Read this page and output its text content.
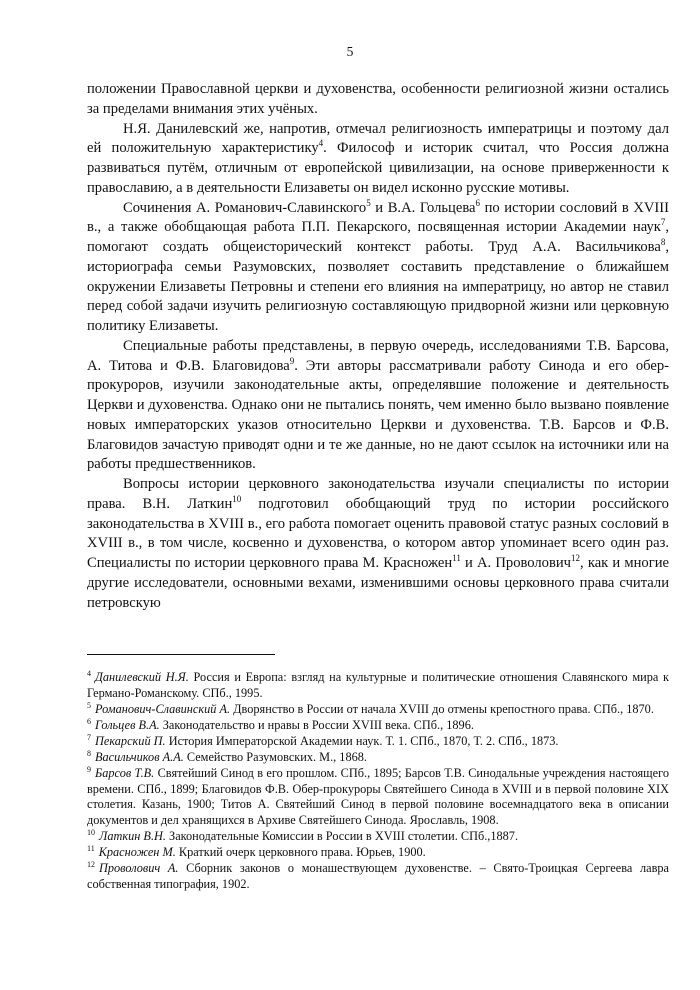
5

положении Православной церкви и духовенства, особенности религиозной жизни остались за пределами внимания этих учёных.

Н.Я. Данилевский же, напротив, отмечал религиозность императрицы и поэтому дал ей положительную характеристику$^4$. Философ и историк считал, что Россия должна развиваться путём, отличным от европейской цивилизации, на основе приверженности к православию, а в деятельности Елизаветы он видел исконно русские мотивы.

Сочинения А. Романович-Славинского$^5$ и В.А. Гольцева$^6$ по истории сословий в XVIII в., а также обобщающая работа П.П. Пекарского, посвященная истории Академии наук$^7$, помогают создать общеисторический контекст работы. Труд А.А. Васильчикова$^8$, историографа семьи Разумовских, позволяет составить представление о ближайшем окружении Елизаветы Петровны и степени его влияния на императрицу, но автор не ставил перед собой задачи изучить религиозную составляющую придворной жизни или церковную политику Елизаветы.

Специальные работы представлены, в первую очередь, исследованиями Т.В. Барсова, А. Титова и Ф.В. Благовидова$^9$. Эти авторы рассматривали работу Синода и его обер-прокуроров, изучили законодательные акты, определявшие положение и деятельность Церкви и духовенства. Однако они не пытались понять, чем именно было вызвано появление новых императорских указов относительно Церкви и духовенства. Т.В. Барсов и Ф.В. Благовидов зачастую приводят одни и те же данные, но не дают ссылок на источники или на работы предшественников.

Вопросы истории церковного законодательства изучали специалисты по истории права. В.Н. Латкин$^{10}$ подготовил обобщающий труд по истории российского законодательства в XVIII в., его работа помогает оценить правовой статус разных сословий в XVIII в., в том числе, косвенно и духовенства, о котором автор упоминает всего один раз. Специалисты по истории церковного права М. Красножен$^{11}$ и А. Проволович$^{12}$, как и многие другие исследователи, основными вехами, изменившими основы церковного права считали петровскую

$^4$ Данилевский Н.Я. Россия и Европа: взгляд на культурные и политические отношения Славянского мира к Германо-Романскому. СПб., 1995.
$^5$ Романович-Славинский А. Дворянство в России от начала XVIII до отмены крепостного права. СПб., 1870.
$^6$ Гольцев В.А. Законодательство и нравы в России XVIII века. СПб., 1896.
$^7$ Пекарский П. История Императорской Академии наук. Т. 1. СПб., 1870, Т. 2. СПб., 1873.
$^8$ Васильчиков А.А. Семейство Разумовских. М., 1868.
$^9$ Барсов Т.В. Святейший Синод в его прошлом. СПб., 1895; Барсов Т.В. Синодальные учреждения настоящего времени. СПб., 1899; Благовидов Ф.В. Обер-прокуроры Святейшего Синода в XVIII и в первой половине XIX столетия. Казань, 1900; Титов А. Святейший Синод в первой половине восемнадцатого века в описании документов и дел хранящихся в Архиве Святейшего Синода. Ярославль, 1908.
$^{10}$ Латкин В.Н. Законодательные Комиссии в России в XVIII столетии. СПб.,1887.
$^{11}$ Красножен М. Краткий очерк церковного права. Юрьев, 1900.
$^{12}$ Проволович А. Сборник законов о монашествующем духовенстве. – Свято-Троицкая Сергеева лавра собственная типография, 1902.
